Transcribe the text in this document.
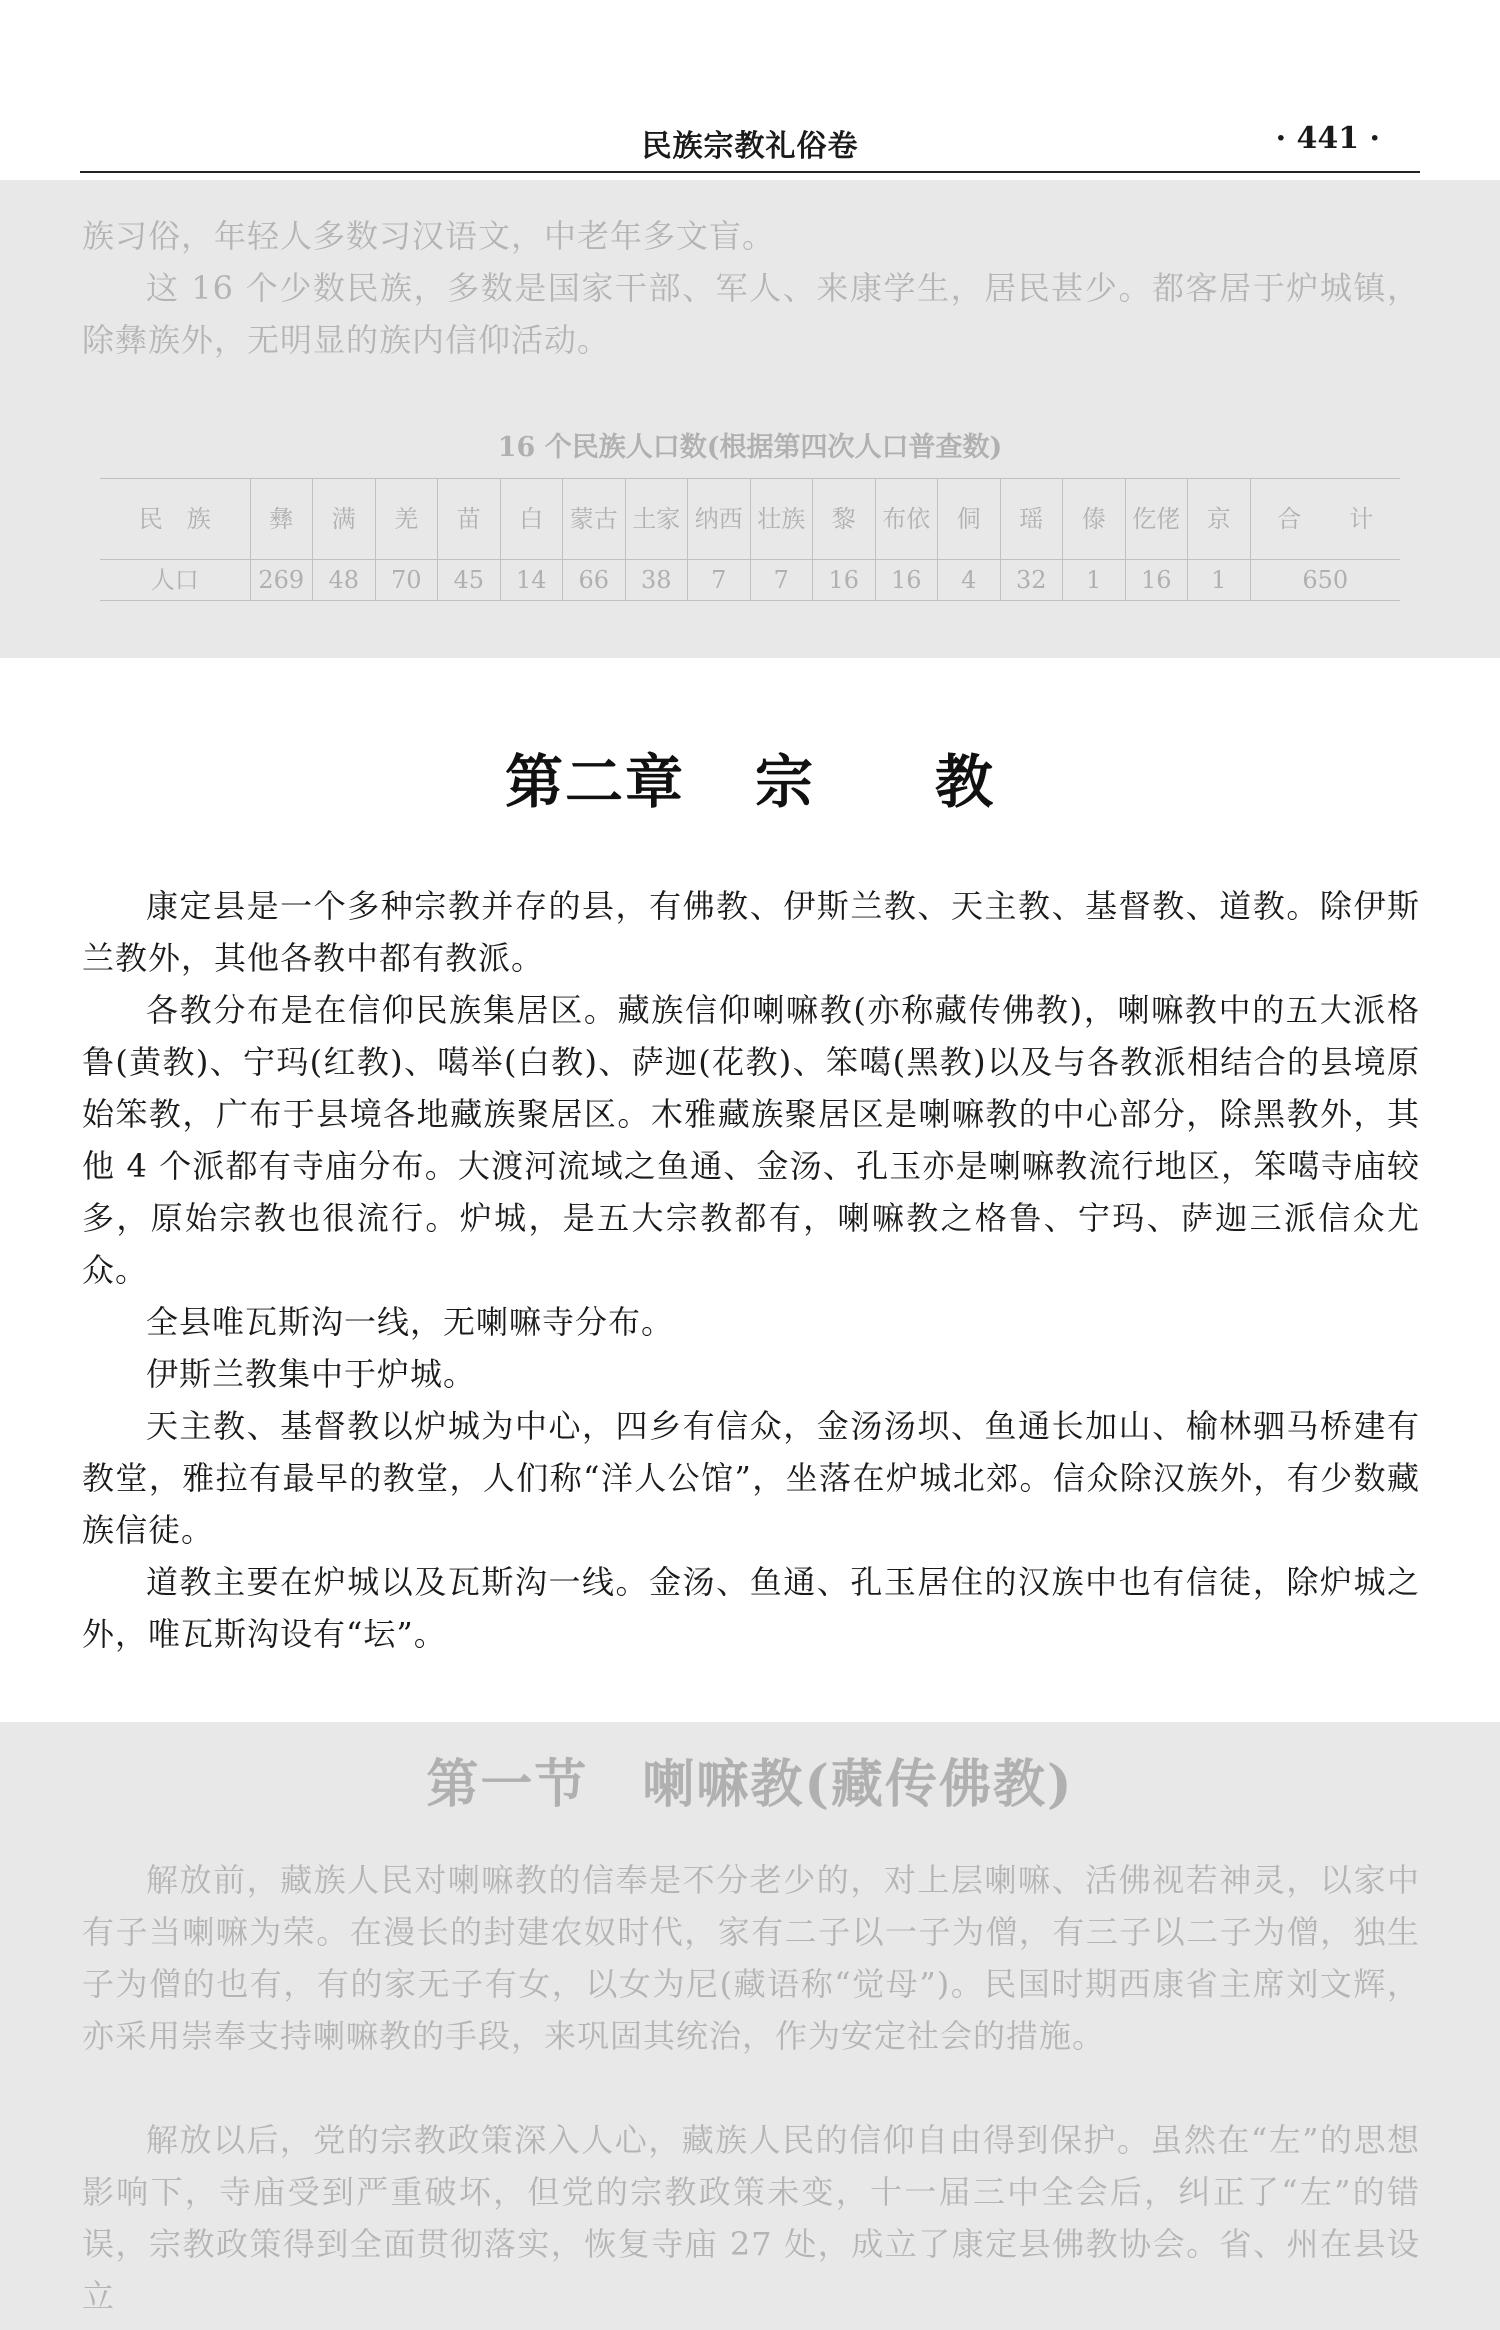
民族宗教礼俗卷	· 441 ·

族习俗，年轻人多数习汉语文，中老年多文盲。

这 16 个少数民族，多数是国家干部、军人、来康学生，居民甚少。都客居于炉城镇，除彝族外，无明显的族内信仰活动。

16 个民族人口数(根据第四次人口普查数)
民　族	彝	满	羌	苗	白	蒙古	土家	纳西	壮族	黎	布依	侗	瑶	傣	仡佬	京	合　　计
人口	269	48	70	45	14	66	38	7	7	16	16	4	32	1	16	1	650
第二章 宗 教

康定县是一个多种宗教并存的县，有佛教、伊斯兰教、天主教、基督教、道教。除伊斯兰教外，其他各教中都有教派。

各教分布是在信仰民族集居区。藏族信仰喇嘛教(亦称藏传佛教)，喇嘛教中的五大派格鲁(黄教)、宁玛(红教)、噶举(白教)、萨迦(花教)、笨噶(黑教)以及与各教派相结合的县境原始笨教，广布于县境各地藏族聚居区。木雅藏族聚居区是喇嘛教的中心部分，除黑教外，其他 4 个派都有寺庙分布。大渡河流域之鱼通、金汤、孔玉亦是喇嘛教流行地区，笨噶寺庙较多，原始宗教也很流行。炉城，是五大宗教都有，喇嘛教之格鲁、宁玛、萨迦三派信众尤众。

全县唯瓦斯沟一线，无喇嘛寺分布。

伊斯兰教集中于炉城。

天主教、基督教以炉城为中心，四乡有信众，金汤汤坝、鱼通长加山、榆林驷马桥建有教堂，雅拉有最早的教堂，人们称“洋人公馆”，坐落在炉城北郊。信众除汉族外，有少数藏族信徒。

道教主要在炉城以及瓦斯沟一线。金汤、鱼通、孔玉居住的汉族中也有信徒，除炉城之外，唯瓦斯沟设有“坛”。

解放前，藏族人民对喇嘛教的信奉是不分老少的，对上层喇嘛、活佛视若神灵，以家中有子当喇嘛为荣。在漫长的封建农奴时代，家有二子以一子为僧，有三子以二子为僧，独生子为僧的也有，有的家无子有女，以女为尼(藏语称“觉母”)。民国时期西康省主席刘文辉，亦采用崇奉支持喇嘛教的手段，来巩固其统治，作为安定社会的措施。

解放以后，党的宗教政策深入人心，藏族人民的信仰自由得到保护。虽然在“左”的思想影响下，寺庙受到严重破坏，但党的宗教政策未变，十一届三中全会后，纠正了“左”的错误，宗教政策得到全面贯彻落实，恢复寺庙 27 处，成立了康定县佛教协会。省、州在县设立

第一节　喇嘛教(藏传佛教)
